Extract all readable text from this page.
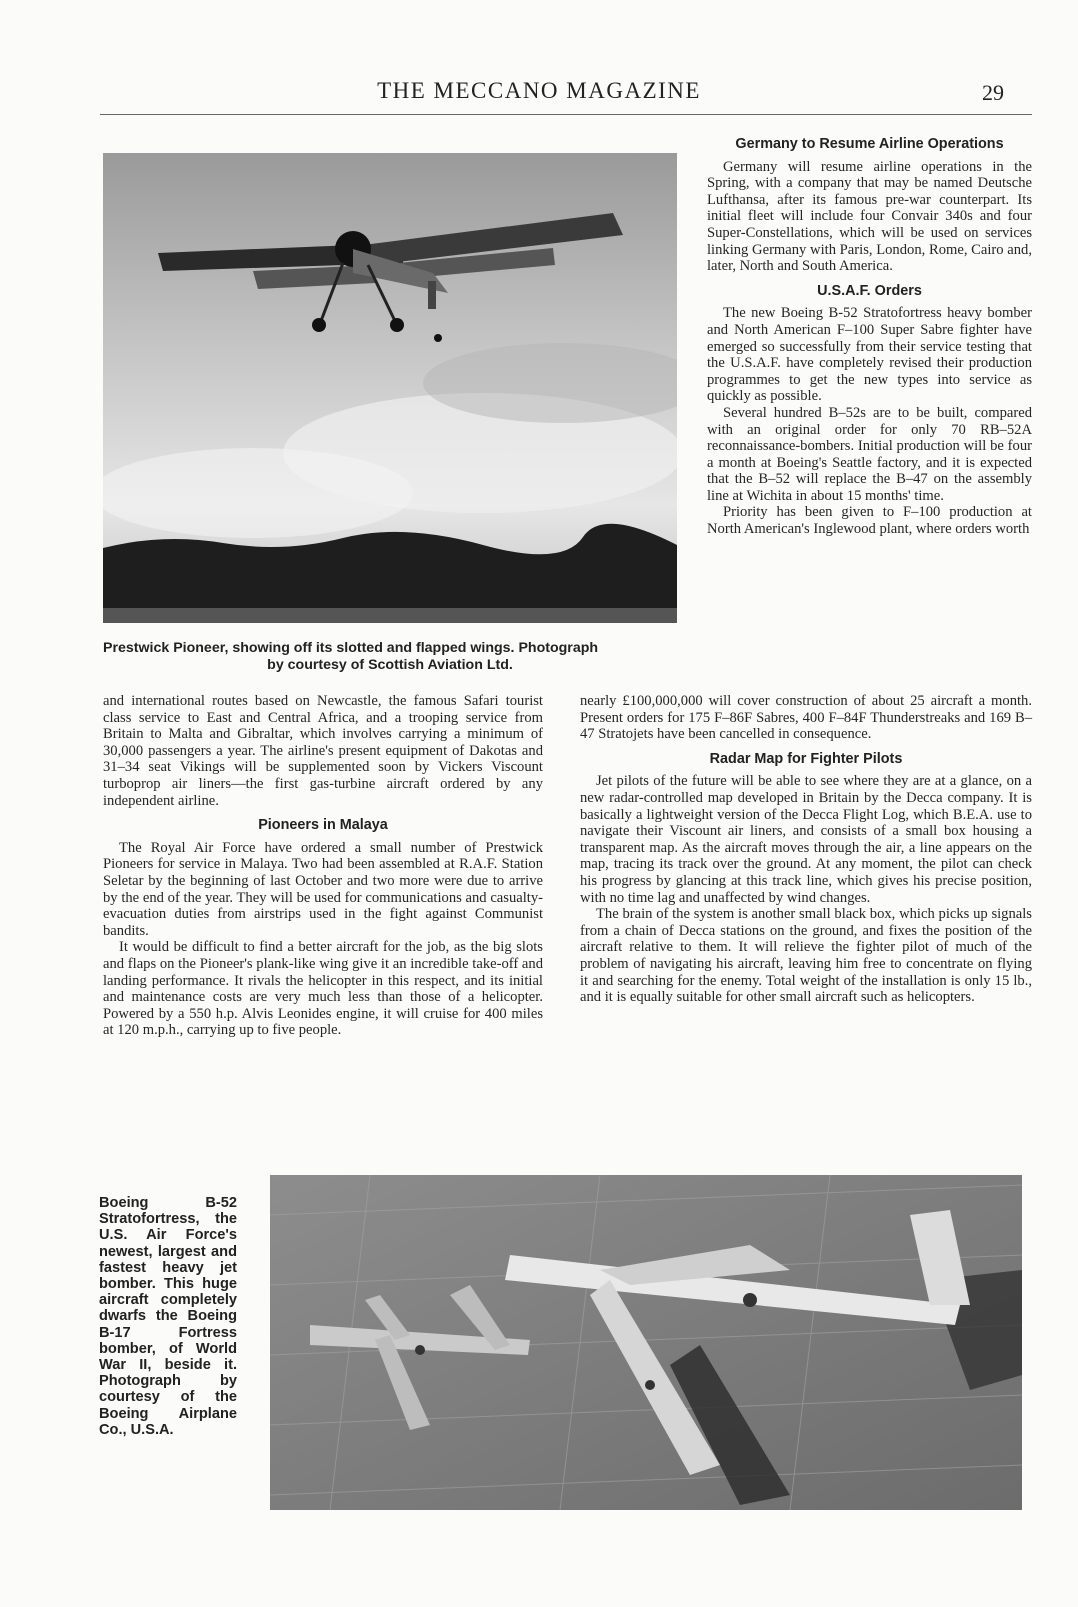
THE MECCANO MAGAZINE	29
Prestwick Pioneer, showing off its slotted and flapped wings. Photograph
by courtesy of Scottish Aviation Ltd.

and international routes based on Newcastle, the famous Safari tourist class service to East and Central Africa, and a trooping service from Britain to Malta and Gibraltar, which involves carrying a minimum of 30,000 passengers a year. The airline's present equipment of Dakotas and 31–34 seat Vikings will be supplemented soon by Vickers Viscount turboprop air liners—the first gas-turbine aircraft ordered by any independent airline.

Pioneers in Malaya

The Royal Air Force have ordered a small number of Prestwick Pioneers for service in Malaya. Two had been assembled at R.A.F. Station Seletar by the beginning of last October and two more were due to arrive by the end of the year. They will be used for communications and casualty-evacuation duties from airstrips used in the fight against Communist bandits.

It would be difficult to find a better aircraft for the job, as the big slots and flaps on the Pioneer's plank-like wing give it an incredible take-off and landing performance. It rivals the helicopter in this respect, and its initial and maintenance costs are very much less than those of a helicopter. Powered by a 550 h.p. Alvis Leonides engine, it will cruise for 400 miles at 120 m.p.h., carrying up to five people.

Germany to Resume Airline Operations

Germany will resume airline operations in the Spring, with a company that may be named Deutsche Lufthansa, after its famous pre-war counterpart. Its initial fleet will include four Convair 340s and four Super-Constellations, which will be used on services linking Germany with Paris, London, Rome, Cairo and, later, North and South America.

U.S.A.F. Orders

The new Boeing B-52 Stratofortress heavy bomber and North American F–100 Super Sabre fighter have emerged so successfully from their service testing that the U.S.A.F. have completely revised their production programmes to get the new types into service as quickly as possible.

Several hundred B–52s are to be built, compared with an original order for only 70 RB–52A reconnaissance-bombers. Initial production will be four a month at Boeing's Seattle factory, and it is expected that the B–52 will replace the B–47 on the assembly line at Wichita in about 15 months' time.

Priority has been given to F–100 production at North American's Inglewood plant, where orders worth

nearly £100,000,000 will cover construction of about 25 aircraft a month. Present orders for 175 F–86F Sabres, 400 F–84F Thunderstreaks and 169 B–47 Stratojets have been cancelled in consequence.

Radar Map for Fighter Pilots

Jet pilots of the future will be able to see where they are at a glance, on a new radar-controlled map developed in Britain by the Decca company. It is basically a lightweight version of the Decca Flight Log, which B.E.A. use to navigate their Viscount air liners, and consists of a small box housing a transparent map. As the aircraft moves through the air, a line appears on the map, tracing its track over the ground. At any moment, the pilot can check his progress by glancing at this track line, which gives his precise position, with no time lag and unaffected by wind changes.

The brain of the system is another small black box, which picks up signals from a chain of Decca stations on the ground, and fixes the position of the aircraft relative to them. It will relieve the fighter pilot of much of the problem of navigating his aircraft, leaving him free to concentrate on flying it and searching for the enemy. Total weight of the installation is only 15 lb., and it is equally suitable for other small aircraft such as helicopters.

Boeing B-52 Stratofortress, the U.S. Air Force's newest, largest and fastest heavy jet bomber. This huge aircraft completely dwarfs the Boeing B-17 Fortress bomber, of World War II, beside it. Photograph by courtesy of the Boeing Airplane Co., U.S.A.
